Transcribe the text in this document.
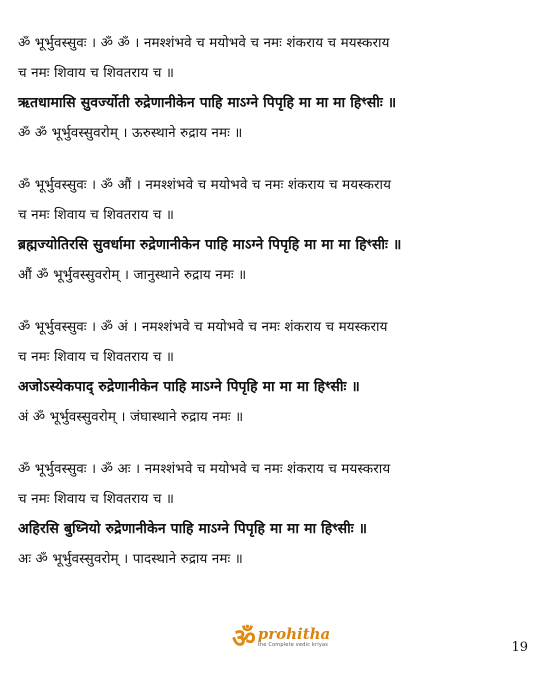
ॐ भूर्भुवस्सुवः । ॐ ॐ । नमश्शंभवे च मयोभवे च नमः शंकराय च मयस्कराय
च नमः शिवाय च शिवतराय च ॥
ऋतधामासि सुवर्ज्योती रुद्रेणानीकेन पाहि माऽग्ने पिपृहि मा मा मा हिꣳसीः ॥
ॐ ॐ भूर्भुवस्सुवरोम् । ऊरुस्थाने रुद्राय नमः ॥
ॐ भूर्भुवस्सुवः । ॐ औं । नमश्शंभवे च मयोभवे च नमः शंकराय च मयस्कराय
च नमः शिवाय च शिवतराय च ॥
ब्रह्मज्योतिरसि सुवर्धामा रुद्रेणानीकेन पाहि माऽग्ने पिपृहि मा मा मा हिꣳसीः ॥
औं ॐ भूर्भुवस्सुवरोम् । जानुस्थाने रुद्राय नमः ॥
ॐ भूर्भुवस्सुवः । ॐ अं । नमश्शंभवे च मयोभवे च नमः शंकराय च मयस्कराय
च नमः शिवाय च शिवतराय च ॥
अजोऽस्येकपाद् रुद्रेणानीकेन पाहि माऽग्ने पिपृहि मा मा मा हिꣳसीः ॥
अं ॐ भूर्भुवस्सुवरोम् । जंघास्थाने रुद्राय नमः ॥
ॐ भूर्भुवस्सुवः । ॐ अः । नमश्शंभवे च मयोभवे च नमः शंकराय च मयस्कराय
च नमः शिवाय च शिवतराय च ॥
अहिरसि बुध्नियो रुद्रेणानीकेन पाहि माऽग्ने पिपृहि मा मा मा हिꣳसीः ॥
अः ॐ भूर्भुवस्सुवरोम् । पादस्थाने रुद्राय नमः ॥
ॐ prohitha
the Complete vedic kriyas	19
